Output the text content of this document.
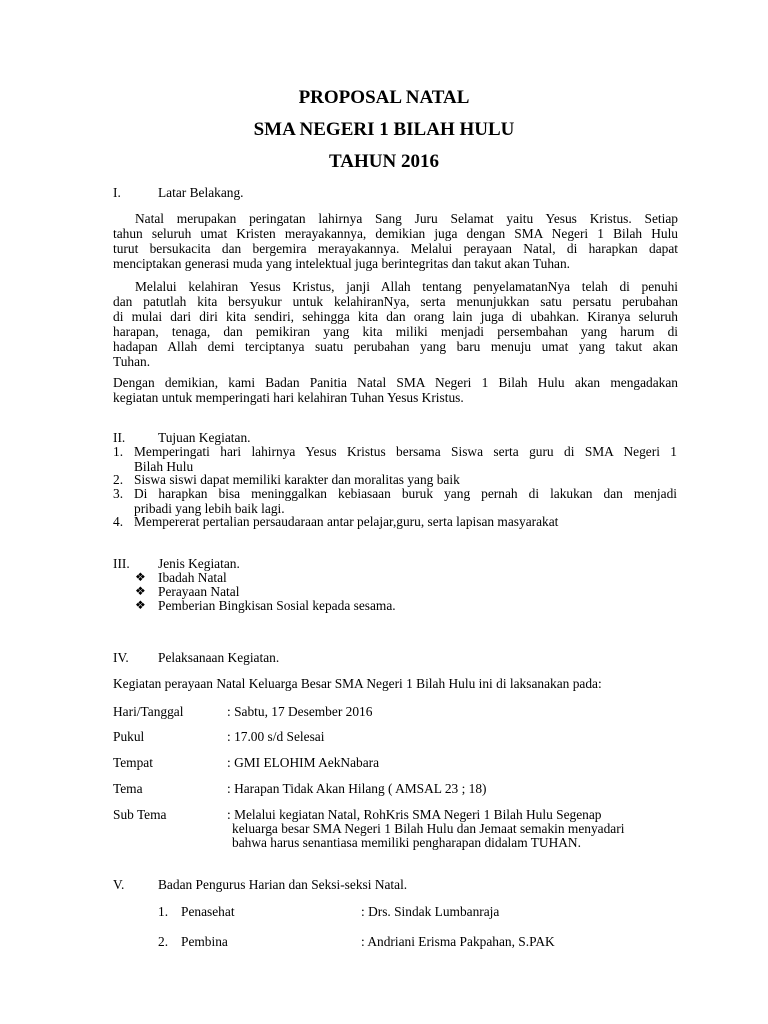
PROPOSAL NATAL
SMA NEGERI 1 BILAH HULU
TAHUN 2016
I.	Latar Belakang.
Natal merupakan peringatan lahirnya Sang Juru Selamat yaitu Yesus Kristus. Setiap
tahun seluruh umat Kristen merayakannya, demikian juga dengan SMA Negeri 1 Bilah Hulu
turut bersukacita dan bergemira merayakannya. Melalui perayaan Natal, di harapkan dapat
menciptakan generasi muda yang intelektual juga berintegritas dan takut akan Tuhan.
Melalui kelahiran Yesus Kristus, janji Allah tentang penyelamatanNya telah di penuhi
dan patutlah kita bersyukur untuk kelahiranNya, serta menunjukkan satu persatu perubahan
di mulai dari diri kita sendiri, sehingga kita dan orang lain juga di ubahkan. Kiranya seluruh
harapan, tenaga, dan pemikiran yang kita miliki menjadi persembahan yang harum di
hadapan Allah demi terciptanya suatu perubahan yang baru menuju umat yang takut akan
Tuhan.
Dengan demikian, kami Badan Panitia Natal SMA Negeri 1 Bilah Hulu akan mengadakan
kegiatan untuk memperingati hari kelahiran Tuhan Yesus Kristus.
II. Tujuan Kegiatan.
1. Memperingati hari lahirnya Yesus Kristus bersama Siswa serta guru di SMA Negeri 1
Bilah Hulu
2. Siswa siswi dapat memiliki karakter dan moralitas yang baik
3. Di harapkan bisa meninggalkan kebiasaan buruk yang pernah di lakukan dan menjadi
pribadi yang lebih baik lagi.
4. Mempererat pertalian persaudaraan antar pelajar,guru, serta lapisan masyarakat
III. Jenis Kegiatan.
❖ Ibadah Natal
❖ Perayaan Natal
❖ Pemberian Bingkisan Sosial kepada sesama.
IV. Pelaksanaan Kegiatan.
Kegiatan perayaan Natal Keluarga Besar SMA Negeri 1 Bilah Hulu ini di laksanakan pada:
Hari/Tanggal	: Sabtu, 17 Desember 2016
Pukul	: 17.00 s/d Selesai
Tempat	: GMI ELOHIM AekNabara
Tema	: Harapan Tidak Akan Hilang ( AMSAL 23 ; 18)
Sub Tema	: Melalui kegiatan Natal, RohKris SMA Negeri 1 Bilah Hulu Segenap
keluarga besar SMA Negeri 1 Bilah Hulu dan Jemaat semakin menyadari
bahwa harus senantiasa memiliki pengharapan didalam TUHAN.
V.	Badan Pengurus Harian dan Seksi-seksi Natal.
1. Penasehat	: Drs. Sindak Lumbanraja
2. Pembina	: Andriani Erisma Pakpahan, S.PAK
